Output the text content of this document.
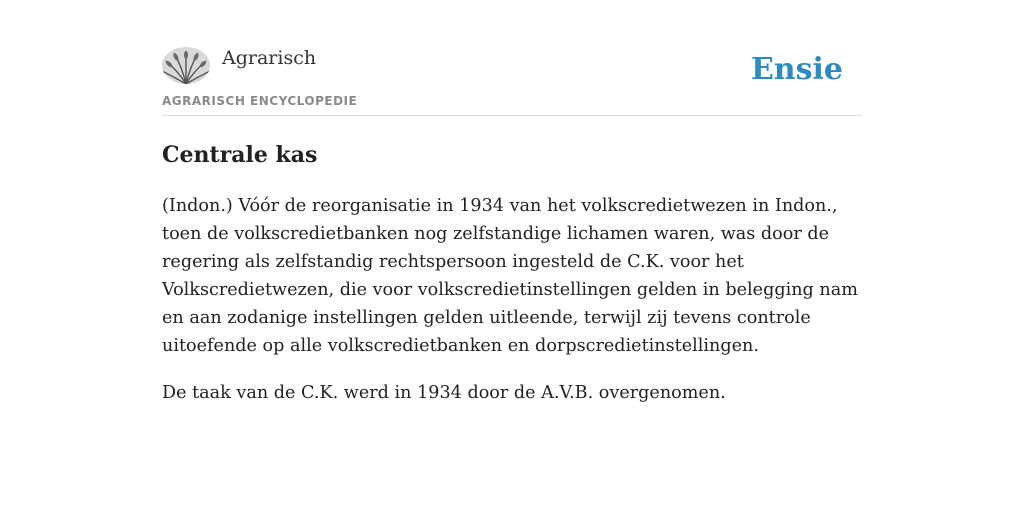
Agrarisch
AGRARISCH ENCYCLOPEDIE
Ensie
Centrale kas

(Indon.) Vóór de reorganisatie in 1934 van het volkscredietwezen in Indon., toen de volkscredietbanken nog zelfstandige lichamen waren, was door de regering als zelfstandig rechtspersoon ingesteld de C.K. voor het Volkscredietwezen, die voor volkscredietinstellingen gelden in belegging nam en aan zodanige instellingen gelden uitleende, terwijl zij tevens controle uitoefende op alle volkscredietbanken en dorpscredietinstellingen.

De taak van de C.K. werd in 1934 door de A.V.B. overgenomen.
